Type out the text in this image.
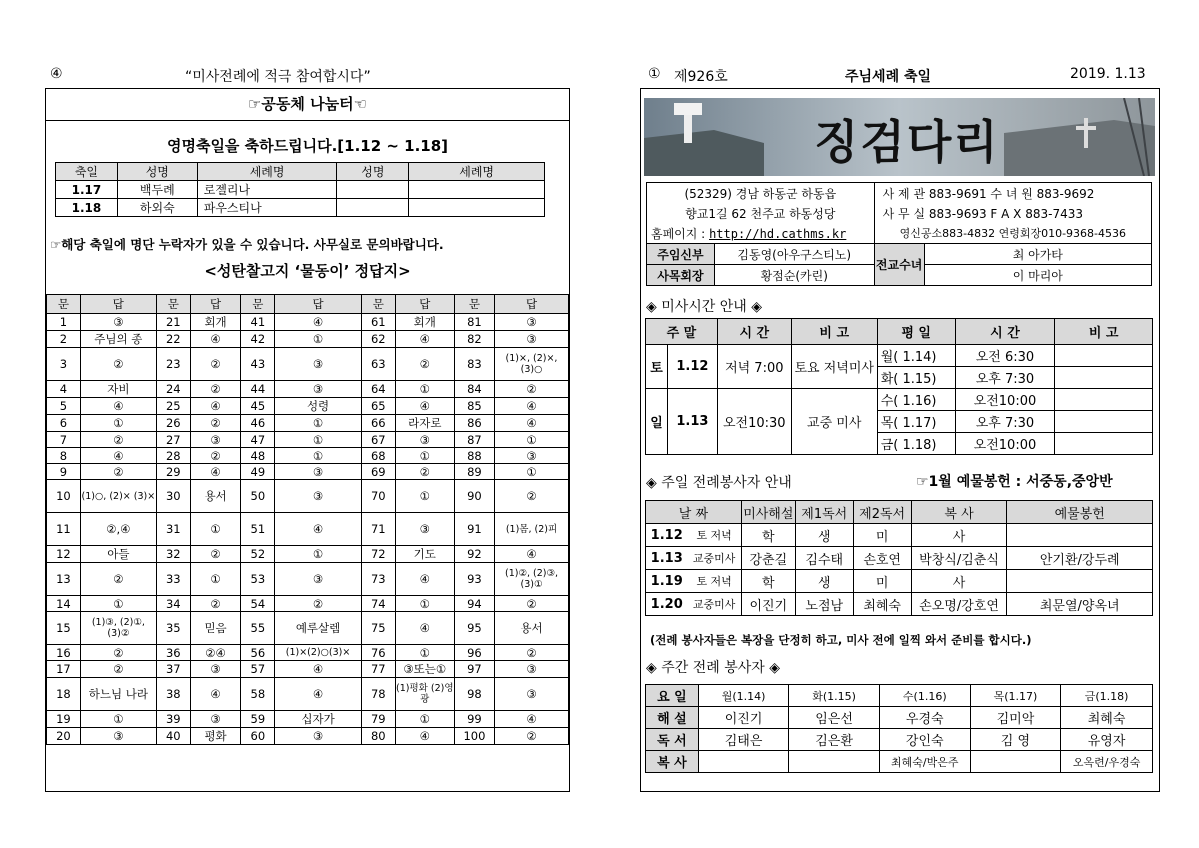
④	“미사전례에 적극 참여합시다”
☞공동체 나눔터☜
영명축일을 축하드립니다.[1.12 ~ 1.18]
축일	성명	세례명	성명	세례명
1.17	백두례	로젤리나		
1.18	하외숙	파우스티나		
☞해당 축일에 명단 누락자가 있을 수 있습니다. 사무실로 문의바랍니다.
<성탄찰고지 ‘물동이’ 정답지>
문	답	문	답	문	답	문	답	문	답
1	③	21	회개	41	④	61	회개	81	③
2	주님의 종	22	④	42	①	62	④	82	③
3	②	23	②	43	③	63	②	83	(1)×, (2)×, (3)○
4	자비	24	②	44	③	64	①	84	②
5	④	25	④	45	성령	65	④	85	④
6	①	26	②	46	①	66	라자로	86	④
7	②	27	③	47	①	67	③	87	①
8	④	28	②	48	①	68	①	88	③
9	②	29	④	49	③	69	②	89	①
10	(1)○, (2)× (3)×	30	용서	50	③	70	①	90	②
11	②,④	31	①	51	④	71	③	91	(1)몸, (2)피
12	아들	32	②	52	①	72	기도	92	④
13	②	33	①	53	③	73	④	93	(1)②, (2)③, (3)①
14	①	34	②	54	②	74	①	94	②
15	(1)③, (2)①, (3)②	35	믿음	55	예루살렘	75	④	95	용서
16	②	36	②④	56	(1)×(2)○(3)×	76	①	96	②
17	②	37	③	57	④	77	③또는①	97	③
18	하느님 나라	38	④	58	④	78	(1)평화 (2)영광	98	③
19	①	39	③	59	십자가	79	①	99	④
20	③	40	평화	60	③	80	④	100	②
① 제926호	주님세례 축일	2019. 1.13
징검다리
(52329) 경남 하동군 하동읍		사 제 관 883-9691 수 녀 원 883-9692	
향교1길 62 천주교 하동성당		사 무 실 883-9693 F A X 883-7433	
홈페이지 : http://hd.cathms.kr		영신공소883-4832 연령회장010-9368-4536	
주임신부	김동영(아우구스티노)	전교수녀	최 아가타
사목회장	황점순(카린)		이 마리아
◈ 미사시간 안내 ◈
주 말		시 간	비 고	평 일	시 간	비 고
토	1.12	저녁 7:00	토요 저녁미사	월( 1.14)	오전 6:30	
				화( 1.15)	오후 7:30	
일	1.13	오전10:30	교중 미사	수( 1.16)	오전10:00	
				목( 1.17)	오후 7:30	
				금( 1.18)	오전10:00	
◈ 주일 전례봉사자 안내	☞1월 예물봉헌 : 서중동,중앙반
날 짜		미사해설	제1독서	제2독서	복 사	예물봉헌
1.12	토 저녁	학	생	미	사	
1.13	교중미사	강춘길	김수태	손호연	박창식/김춘식	안기환/강두례
1.19	토 저녁	학	생	미	사	
1.20	교중미사	이진기	노점남	최혜숙	손오명/강호연	최문열/양옥녀
(전례 봉사자들은 복장을 단정히 하고, 미사 전에 일찍 와서 준비를 합시다.)
◈ 주간 전례 봉사자 ◈
요 일	월(1.14)	화(1.15)	수(1.16)	목(1.17)	금(1.18)
해 설	이진기	임은선	우경숙	김미악	최혜숙
독 서	김태은	김은환	강인숙	김 영	유영자
복 사			최혜숙/박은주		오옥련/우경숙
